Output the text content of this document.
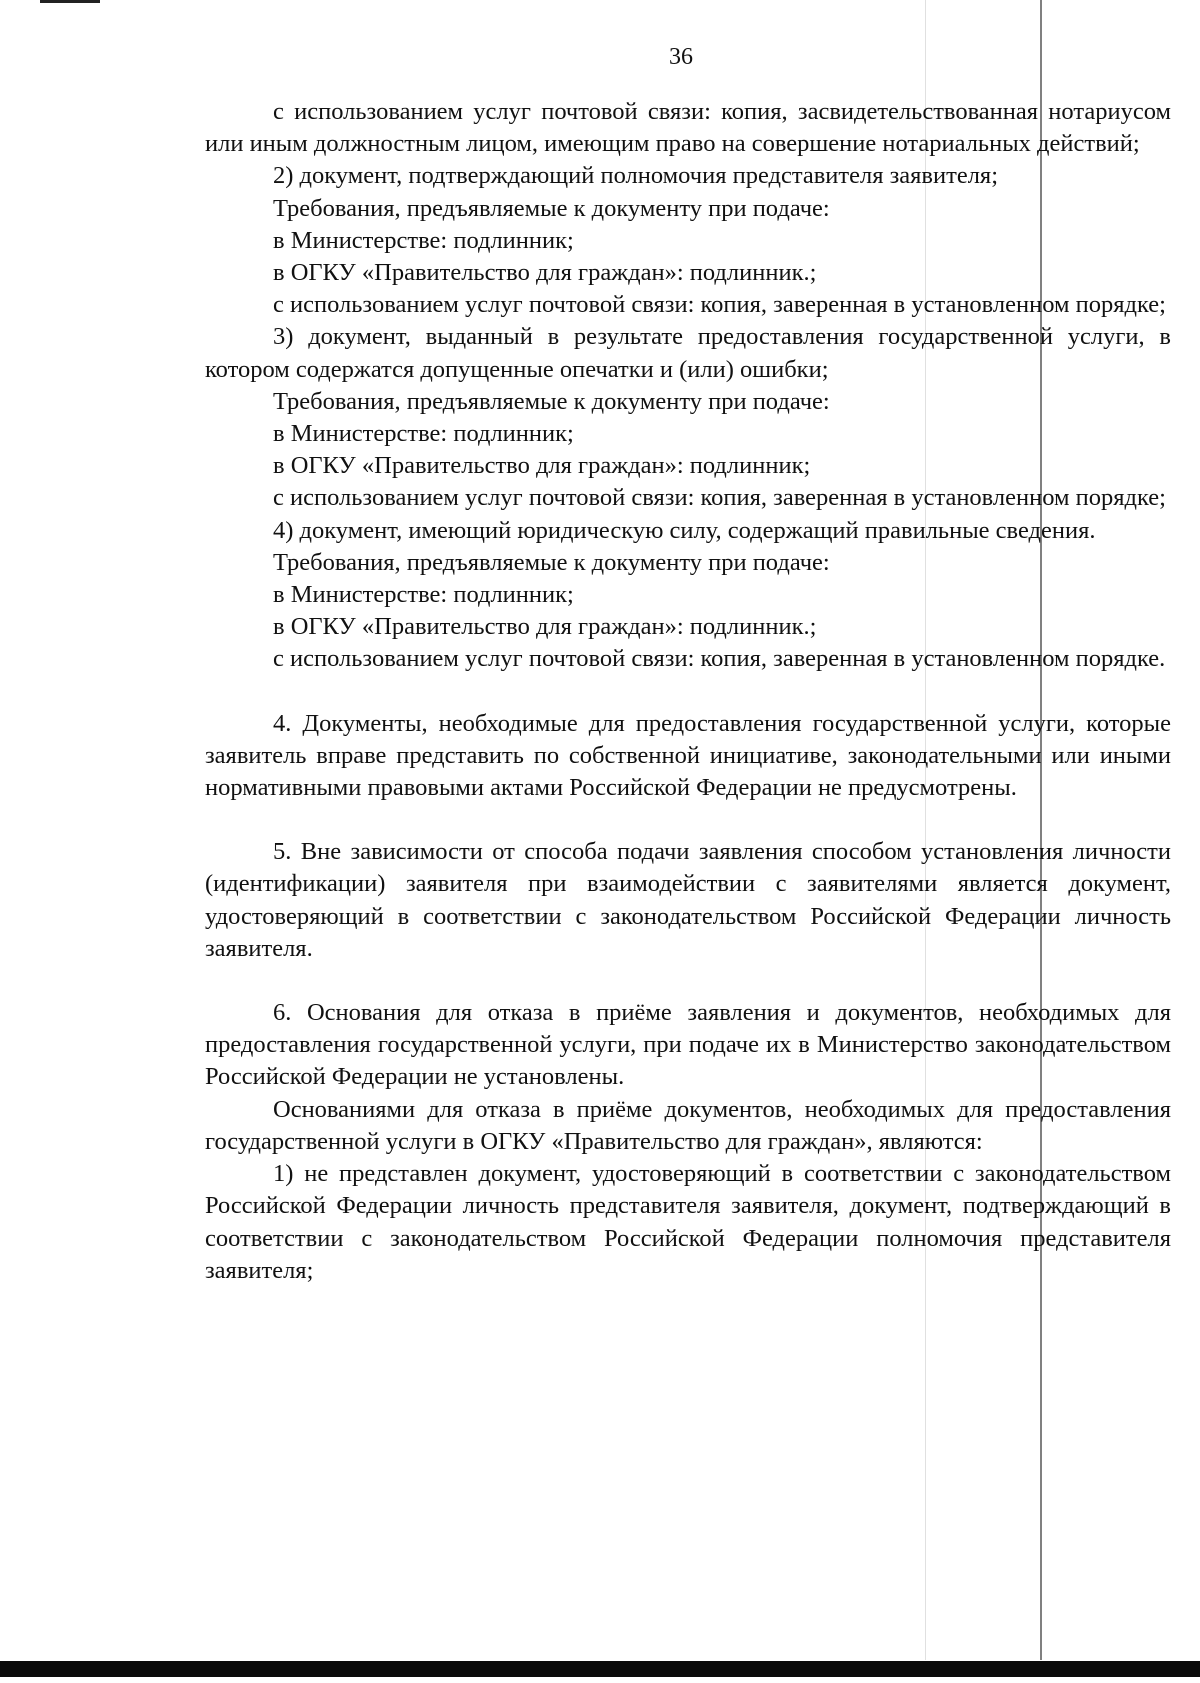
36

с использованием услуг почтовой связи: копия, засвидетельствованная нотариусом или иным должностным лицом, имеющим право на совершение нотариальных действий;

2) документ, подтверждающий полномочия представителя заявителя;

Требования, предъявляемые к документу при подаче:

в Министерстве: подлинник;

в ОГКУ «Правительство для граждан»: подлинник.;

с использованием услуг почтовой связи: копия, заверенная в установленном порядке;

3) документ, выданный в результате предоставления государственной услуги, в котором содержатся допущенные опечатки и (или) ошибки;

Требования, предъявляемые к документу при подаче:

в Министерстве: подлинник;

в ОГКУ «Правительство для граждан»: подлинник;

с использованием услуг почтовой связи: копия, заверенная в установленном порядке;

4) документ, имеющий юридическую силу, содержащий правильные сведения.

Требования, предъявляемые к документу при подаче:

в Министерстве: подлинник;

в ОГКУ «Правительство для граждан»: подлинник.;

с использованием услуг почтовой связи: копия, заверенная в установленном порядке.

4. Документы, необходимые для предоставления государственной услуги, которые заявитель вправе представить по собственной инициативе, законодательными или иными нормативными правовыми актами Российской Федерации не предусмотрены.

5. Вне зависимости от способа подачи заявления способом установления личности (идентификации) заявителя при взаимодействии с заявителями является документ, удостоверяющий в соответствии с законодательством Российской Федерации личность заявителя.

6. Основания для отказа в приёме заявления и документов, необходимых для предоставления государственной услуги, при подаче их в Министерство законодательством Российской Федерации не установлены.

Основаниями для отказа в приёме документов, необходимых для предоставления государственной услуги в ОГКУ «Правительство для граждан», являются:

1) не представлен документ, удостоверяющий в соответствии с законодательством Российской Федерации личность представителя заявителя, документ, подтверждающий в соответствии с законодательством Российской Федерации полномочия представителя заявителя;
